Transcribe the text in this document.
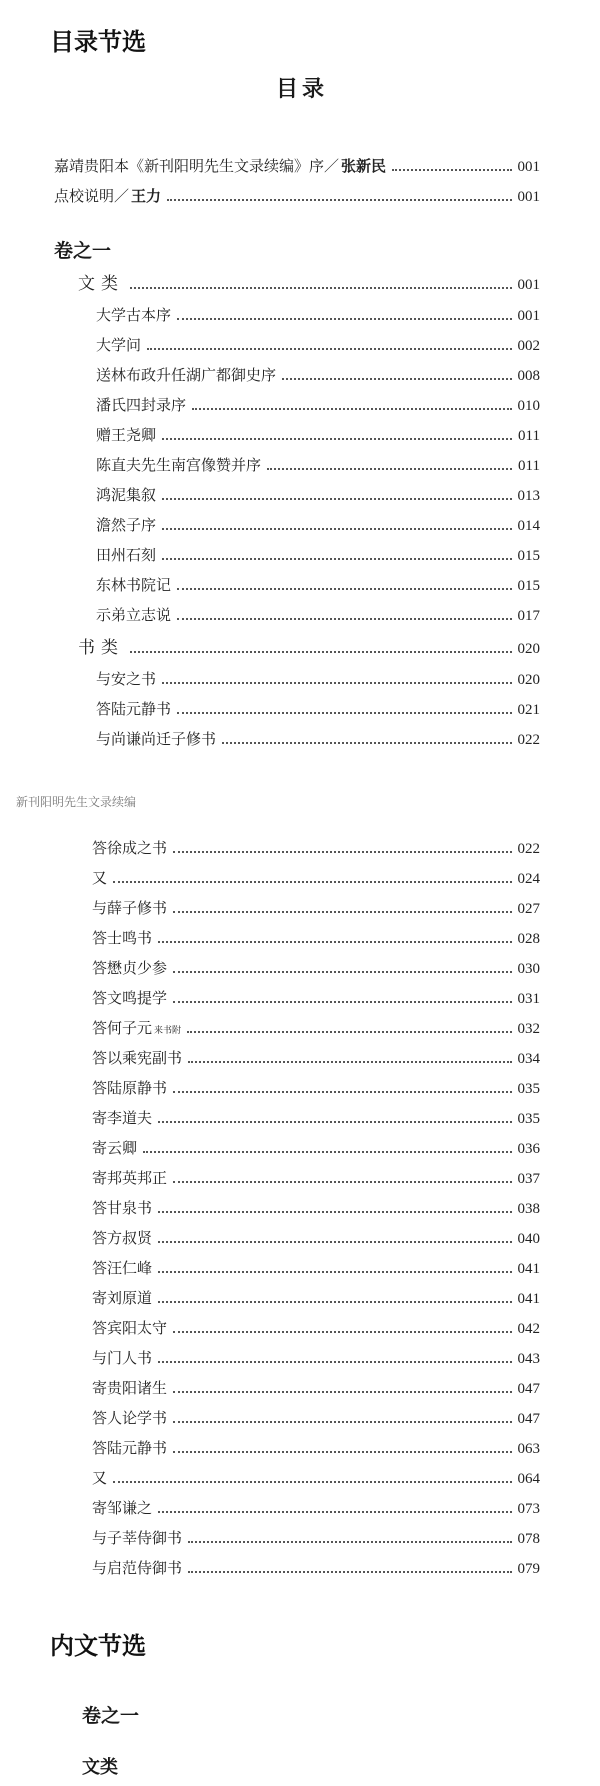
目录节选
目录
嘉靖贵阳本《新刊阳明先生文录续编》序／ 张新民	001
点校说明／ 王力	001
卷之一
文类	001
大学古本序	001
大学问	002
送林布政升任湖广都御史序	008
潘氏四封录序	010
赠王尧卿	011
陈直夫先生南宫像赞并序	011
鸿泥集叙	013
澹然子序	014
田州石刻	015
东林书院记	015
示弟立志说	017
书类	020
与安之书	020
答陆元静书	021
与尚谦尚迁子修书	022
新刊阳明先生文录续编
答徐成之书	022
又	024
与薛子修书	027
答士鸣书	028
答懋贞少参	030
答文鸣提学	031
答何子元 来书附	032
答以乘宪副书	034
答陆原静书	035
寄李道夫	035
寄云卿	036
寄邦英邦正	037
答甘泉书	038
答方叔贤	040
答汪仁峰	041
寄刘原道	041
答宾阳太守	042
与门人书	043
寄贵阳诸生	047
答人论学书	047
答陆元静书	063
又	064
寄邹谦之	073
与子莘侍御书	078
与启范侍御书	079
内文节选
卷之一
文类
